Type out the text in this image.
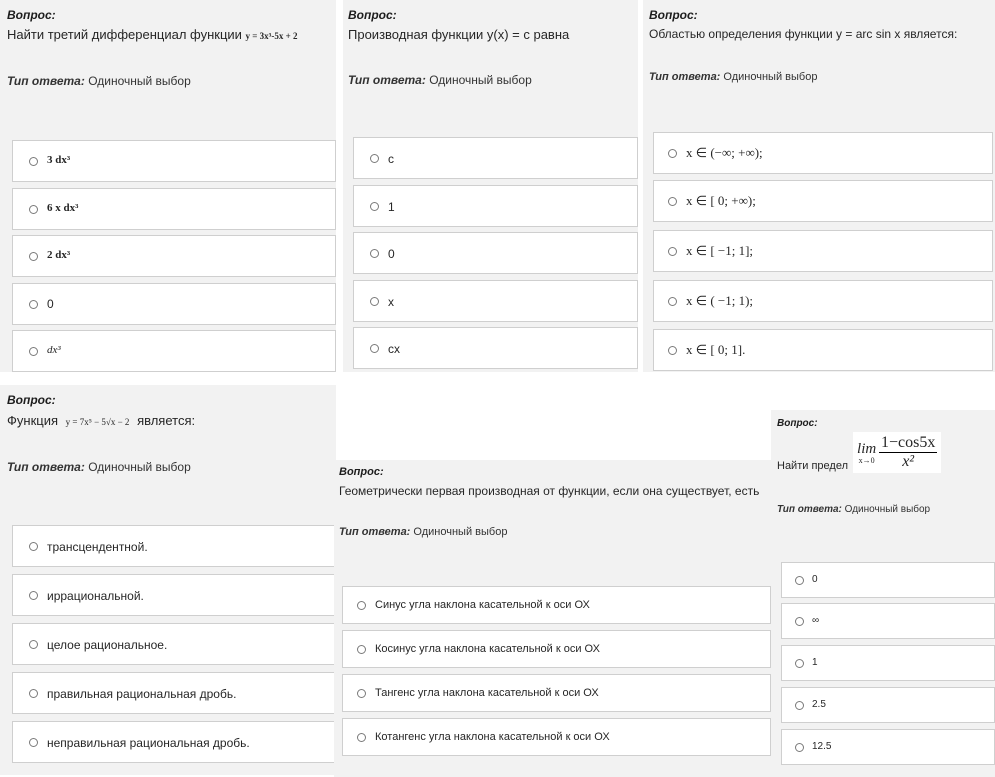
Вопрос:
Найти третий дифференциал функции y = 3x³-5x + 2
Тип ответа: Одиночный выбор
3 dx³
6 x dx³
2 dx³
0
dx³
Вопрос:
Производная функции y(x) = c равна
Тип ответа: Одиночный выбор
c
1
0
x
cx
Вопрос:
Областью определения функции y = arc sin x является:
Тип ответа: Одиночный выбор
x ∈ (−∞; +∞);
x ∈ [ 0; +∞);
x ∈ [ −1; 1];
x ∈ ( −1; 1);
x ∈ [ 0; 1].
Вопрос:
Функция y = 7x⁵ − 5√x − 2 является:
Тип ответа: Одиночный выбор
трансцендентной.
иррациональной.
целое рациональное.
правильная рациональная дробь.
неправильная рациональная дробь.
Вопрос:
Геометрически первая производная от функции, если она существует, есть
Тип ответа: Одиночный выбор
Синус угла наклона касательной к оси ОХ
Косинус угла наклона касательной к оси ОХ
Тангенс угла наклона касательной к оси ОХ
Котангенс угла наклона касательной к оси ОХ
Вопрос:
Найти предел
lim
x→0
$\frac{1-\cos 5x}{\text{x²}}$
Тип ответа: Одиночный выбор
0
∞
1
2.5
12.5
